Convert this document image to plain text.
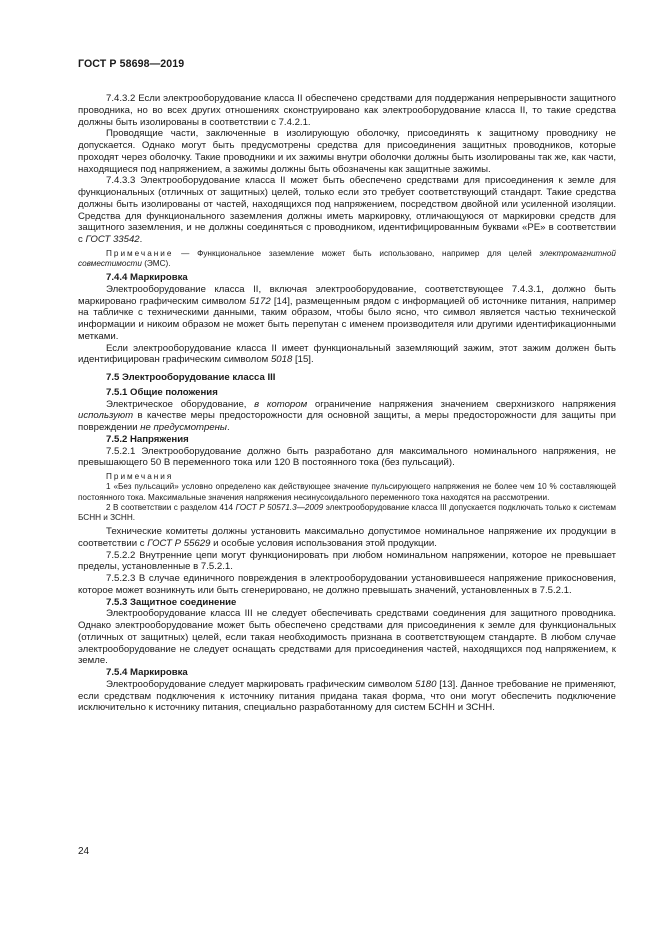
ГОСТ Р 58698—2019

7.4.3.2 Если электрооборудование класса II обеспечено средствами для поддержания непрерывности защитного проводника, но во всех других отношениях сконструировано как электрооборудование класса II, то такие средства должны быть изолированы в соответствии с 7.4.2.1.

Проводящие части, заключенные в изолирующую оболочку, присоединять к защитному проводнику не допускается. Однако могут быть предусмотрены средства для присоединения защитных проводников, которые проходят через оболочку. Такие проводники и их зажимы внутри оболочки должны быть изолированы так же, как части, находящиеся под напряжением, а зажимы должны быть обозначены как защитные зажимы.

7.4.3.3 Электрооборудование класса II может быть обеспечено средствами для присоединения к земле для функциональных (отличных от защитных) целей, только если это требует соответствующий стандарт. Такие средства должны быть изолированы от частей, находящихся под напряжением, посредством двойной или усиленной изоляции. Средства для функционального заземления должны иметь маркировку, отличающуюся от маркировки средств для защитного заземления, и не должны соединяться с проводником, идентифицированным буквами «PE» в соответствии с ГОСТ 33542.

Примечание — Функциональное заземление может быть использовано, например для целей электромагнитной совместимости (ЭМС).

7.4.4 Маркировка

Электрооборудование класса II, включая электрооборудование, соответствующее 7.4.3.1, должно быть маркировано графическим символом 5172 [14], размещенным рядом с информацией об источнике питания, например на табличке с техническими данными, таким образом, чтобы было ясно, что символ является частью технической информации и никоим образом не может быть перепутан с именем производителя или другими идентификационными метками.

Если электрооборудование класса II имеет функциональный заземляющий зажим, этот зажим должен быть идентифицирован графическим символом 5018 [15].

7.5 Электрооборудование класса III

7.5.1 Общие положения

Электрическое оборудование, в котором ограничение напряжения значением сверхнизкого напряжения используют в качестве меры предосторожности для основной защиты, а меры предосторожности для защиты при повреждении не предусмотрены.

7.5.2 Напряжения

7.5.2.1 Электрооборудование должно быть разработано для максимального номинального напряжения, не превышающего 50 В переменного тока или 120 В постоянного тока (без пульсаций).

Примечания

1 «Без пульсаций» условно определено как действующее значение пульсирующего напряжения не более чем 10 % составляющей постоянного тока. Максимальные значения напряжения несинусоидального переменного тока находятся на рассмотрении.

2 В соответствии с разделом 414 ГОСТ Р 50571.3—2009 электрооборудование класса III допускается подключать только к системам БСНН и ЗСНН.

Технические комитеты должны установить максимально допустимое номинальное напряжение их продукции в соответствии с ГОСТ Р 55629 и особые условия использования этой продукции.

7.5.2.2 Внутренние цепи могут функционировать при любом номинальном напряжении, которое не превышает пределы, установленные в 7.5.2.1.

7.5.2.3 В случае единичного повреждения в электрооборудовании установившееся напряжение прикосновения, которое может возникнуть или быть сгенерировано, не должно превышать значений, установленных в 7.5.2.1.

7.5.3 Защитное соединение

Электрооборудование класса III не следует обеспечивать средствами соединения для защитного проводника. Однако электрооборудование может быть обеспечено средствами для присоединения к земле для функциональных (отличных от защитных) целей, если такая необходимость признана в соответствующем стандарте. В любом случае электрооборудование не следует оснащать средствами для присоединения частей, находящихся под напряжением, к земле.

7.5.4 Маркировка

Электрооборудование следует маркировать графическим символом 5180 [13]. Данное требование не применяют, если средствам подключения к источнику питания придана такая форма, что они могут обеспечить подключение исключительно к источнику питания, специально разработанному для систем БСНН и ЗСНН.

24
